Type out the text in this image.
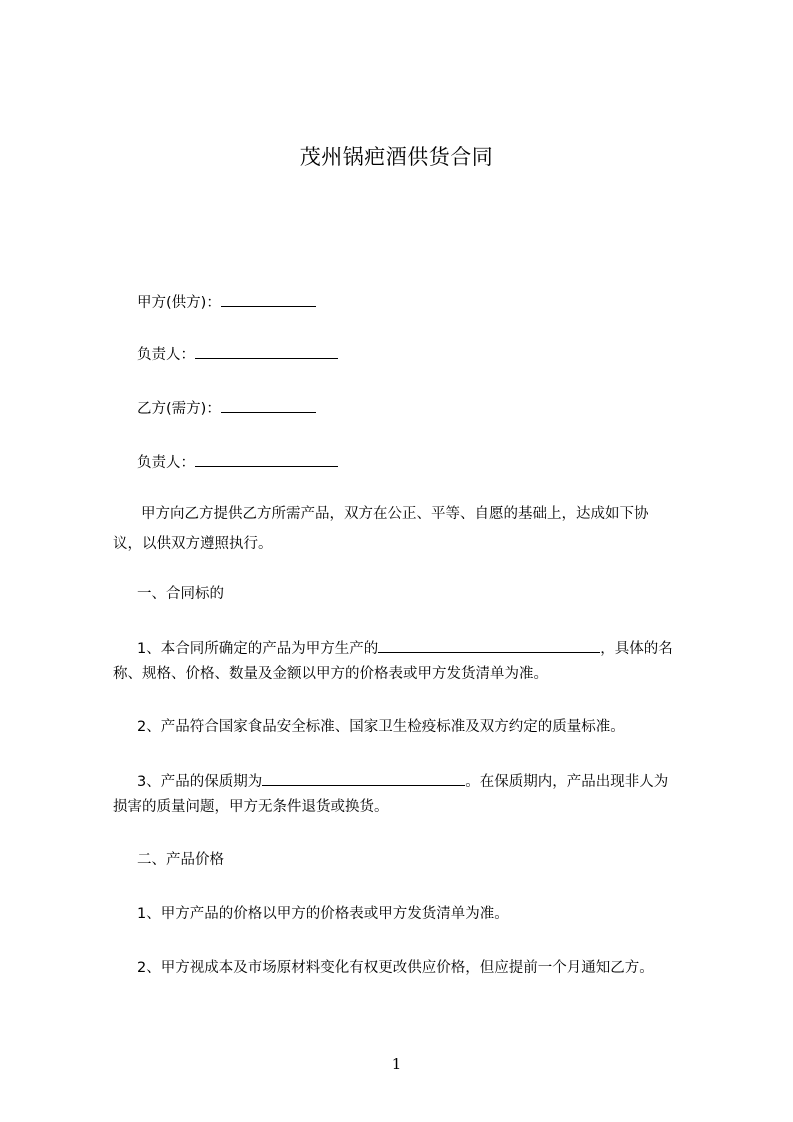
茂州锅疤酒供货合同
甲方(供方)：
负责人：
乙方(需方)：
负责人：
甲方向乙方提供乙方所需产品，双方在公正、平等、自愿的基础上，达成如下协
议，以供双方遵照执行。
一、合同标的
1、本合同所确定的产品为甲方生产的	，具体的名
称、规格、价格、数量及金额以甲方的价格表或甲方发货清单为准。
2、产品符合国家食品安全标准、国家卫生检疫标准及双方约定的质量标准。
3、产品的保质期为	。在保质期内，产品出现非人为
损害的质量问题，甲方无条件退货或换货。
二、产品价格
1、甲方产品的价格以甲方的价格表或甲方发货清单为准。
2、甲方视成本及市场原材料变化有权更改供应价格，但应提前一个月通知乙方。
1
